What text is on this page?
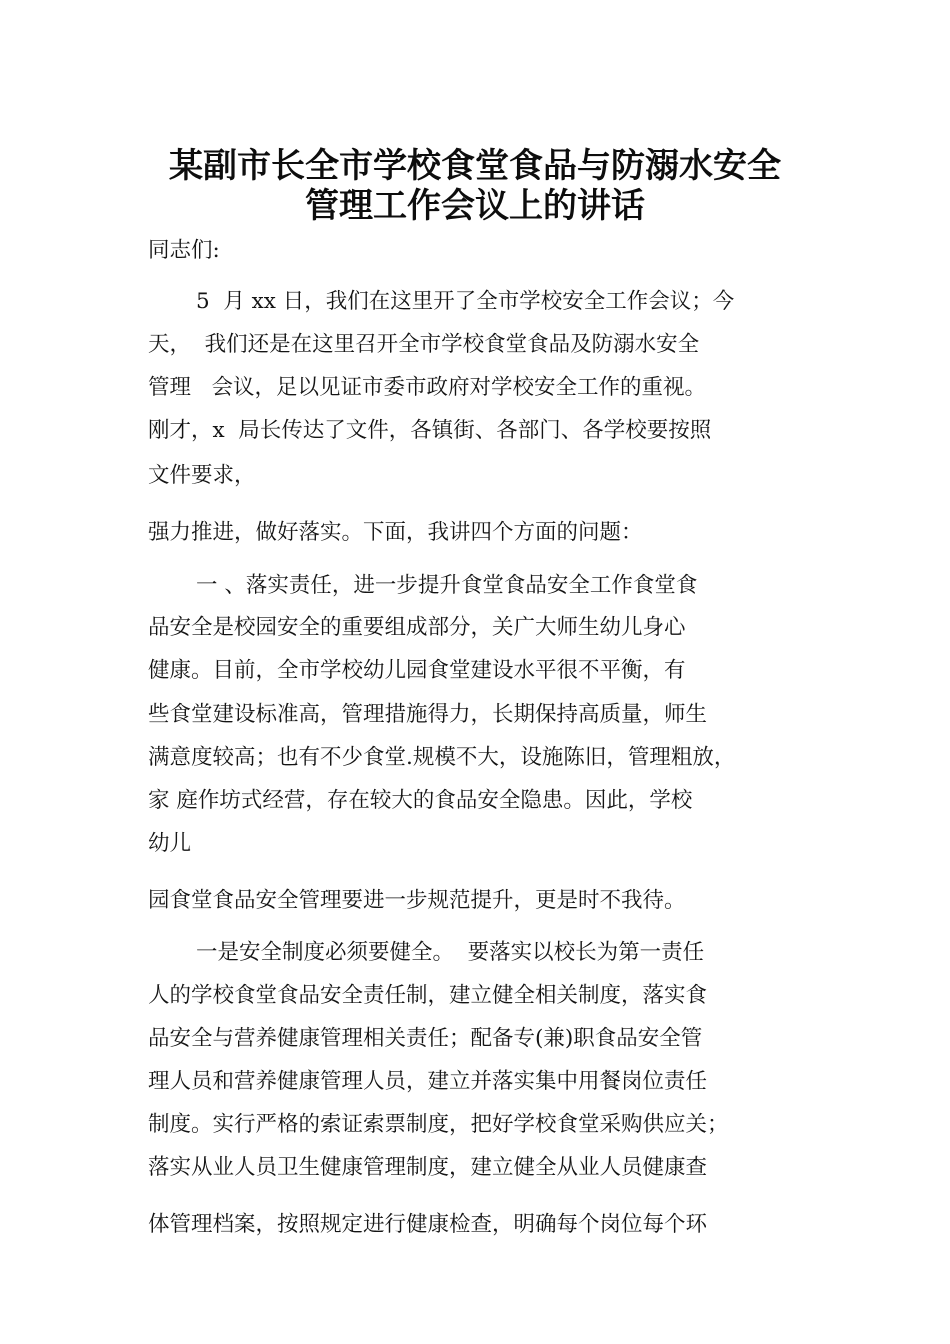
某副市长全市学校食堂食品与防溺水安全
管理工作会议上的讲话

同志们:

5  月 xx 日，我们在这里开了全市学校安全工作会议；今

天，  我们还是在这里召开全市学校食堂食品及防溺水安全

管理   会议，足以见证市委市政府对学校安全工作的重视。

刚才，x  局长传达了文件，各镇街、各部门、各学校要按照

文件要求，

强力推进，做好落实。下面，我讲四个方面的问题：

一 、落实责任，进一步提升食堂食品安全工作食堂食

品安全是校园安全的重要组成部分，关广大师生幼儿身心

健康。目前，全市学校幼儿园食堂建设水平很不平衡，有

些食堂建设标准高，管理措施得力，长期保持高质量，师生

满意度较高；也有不少食堂.规模不大，设施陈旧，管理粗放，

家 庭作坊式经营，存在较大的食品安全隐患。因此，学校

幼儿

园食堂食品安全管理要进一步规范提升，更是时不我待。

一是安全制度必须要健全。  要落实以校长为第一责任

人的学校食堂食品安全责任制，建立健全相关制度，落实食

品安全与营养健康管理相关责任；配备专(兼)职食品安全管

理人员和营养健康管理人员，建立并落实集中用餐岗位责任

制度。实行严格的索证索票制度，把好学校食堂采购供应关；

落实从业人员卫生健康管理制度，建立健全从业人员健康查

体管理档案，按照规定进行健康检查，明确每个岗位每个环
